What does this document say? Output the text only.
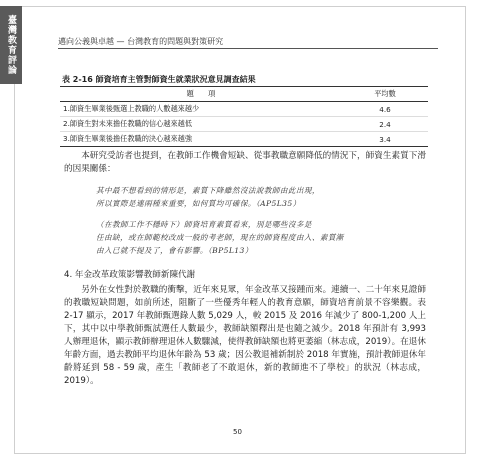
臺灣教育評論	邁向公義與卓越 — 台灣教育的問題與對策研究
表 2-16 師資培育主管對師資生就業狀況意見調查結果
題　　項	平均數
1.師資生畢業後甄選上教職的人數越來越少	4.6
2.師資生對未來擔任教職的信心越來越低	2.4
3.師資生畢業後擔任教職的決心越來越強	3.4
本研究受訪者也提到，在教師工作機會短缺、從事教職意願降低的情況下，師資生素質下滑的因果關係：
其中最不想看到的情形是，素質下降雖然沒法說教師由此出現，
所以實際是連兩種來重要，如何質均可確保。（AP5L35）
（在教師工作不穩時下）師資培育素質看來，別是哪些沒多是
任由缺，或在師範校改成一般的考老師，現在的師資程度由入、素質漸
由入已就不提及了，會有影響。（BP5L13）
4. 年金改革政策影響教師新陳代謝
另外在女性對於教職的衝擊，近年來見眾，年金改革又接踵而來。連續一、二十年來見證師的教職短缺問題，如前所述，阻斷了一些優秀年輕人的教育意願，師資培育前景不容樂觀。表 2-17 顯示，2017 年教師甄選錄人數 5,029 人，較 2015 及 2016 年減少了 800-1,200 人上下，其中以中學教師甄試選任人數最少，教師缺額釋出是也隨之減少。2018 年預計有 3,993 人辦理退休，顯示教師辦理退休人數驟減，使得教師缺額也將更萎縮（林志成，2019）。在退休年齡方面，過去教師平均退休年齡為 53 歲；因公教退補新制於 2018 年實施，預計教師退休年齡將延到 58 - 59 歲，產生「教師老了不敢退休，新的教師進不了學校」的狀況（林志成，2019）。
50
